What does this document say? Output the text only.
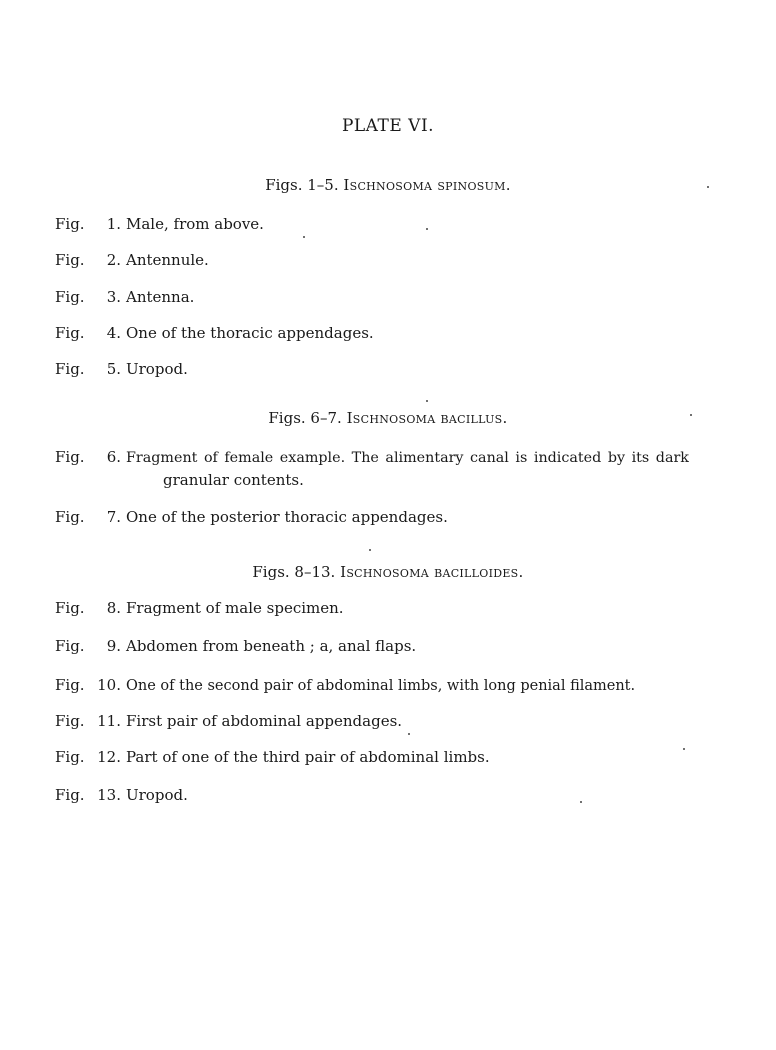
PLATE VI.
Figs. 1–5. Ischnosoma spinosum.
Fig. 1. Male, from above.
Fig. 2. Antennule.
Fig. 3. Antenna.
Fig. 4. One of the thoracic appendages.
Fig. 5. Uropod.
Figs. 6–7. Ischnosoma bacillus.
Fig. 6. Fragment of female example. The alimentary canal is indicated by its dark
granular contents.
Fig. 7. One of the posterior thoracic appendages.
Figs. 8–13. Ischnosoma bacilloides.
Fig. 8. Fragment of male specimen.
Fig. 9. Abdomen from beneath ; a, anal flaps.
Fig. 10. One of the second pair of abdominal limbs, with long penial filament.
Fig. 11. First pair of abdominal appendages.
Fig. 12. Part of one of the third pair of abdominal limbs.
Fig. 13. Uropod.
